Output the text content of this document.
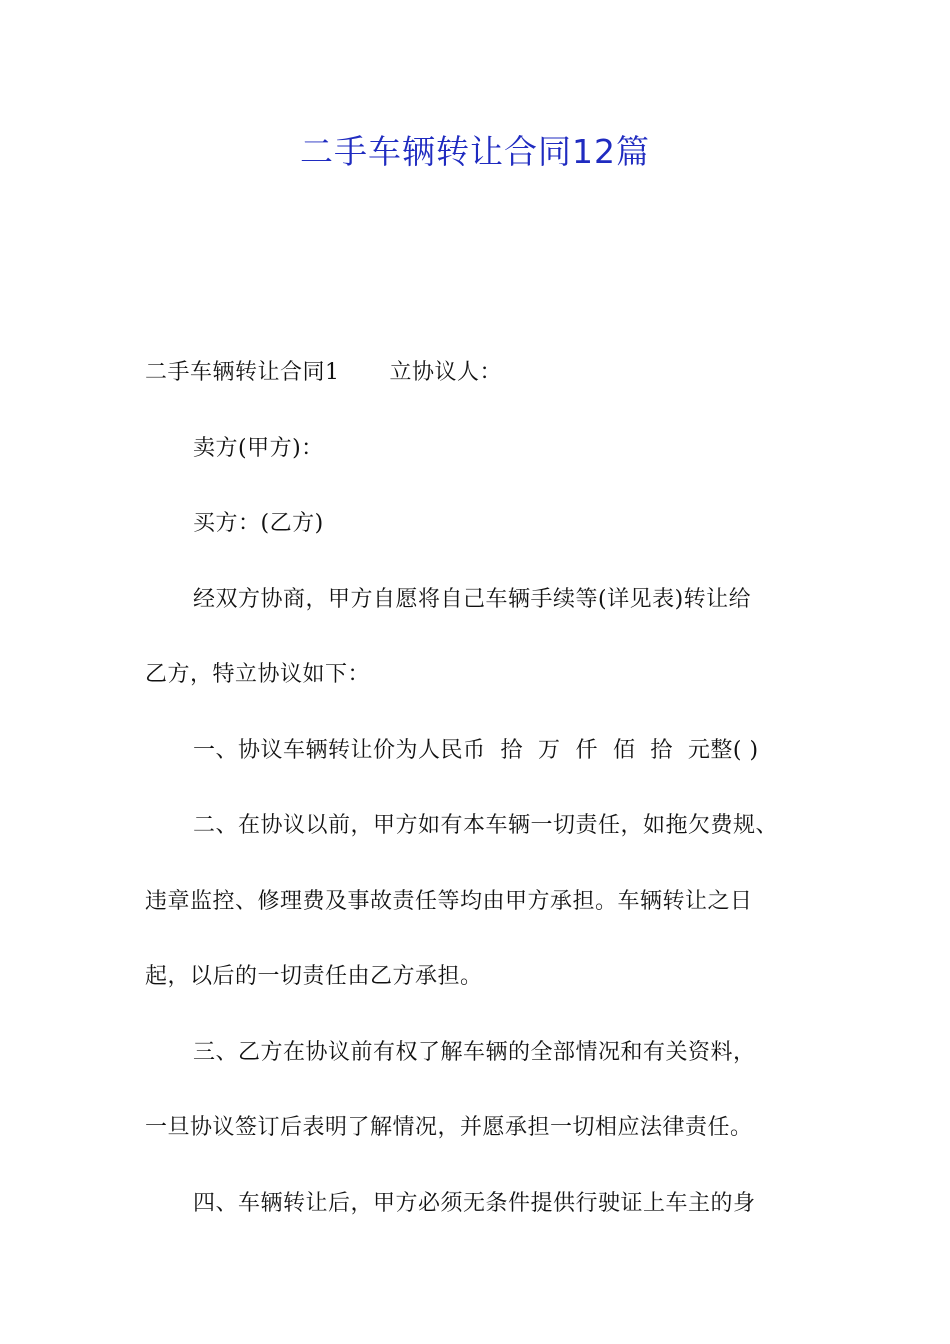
二手车辆转让合同12篇
二手车辆转让合同1 立协议人：
卖方(甲方)：
买方：(乙方)
经双方协商，甲方自愿将自己车辆手续等(详见表)转让给
乙方，特立协议如下：
一、协议车辆转让价为人民币  拾  万  仟  佰  拾  元整( )
二、在协议以前，甲方如有本车辆一切责任，如拖欠费规、
违章监控、修理费及事故责任等均由甲方承担。车辆转让之日
起，以后的一切责任由乙方承担。
三、乙方在协议前有权了解车辆的全部情况和有关资料，
一旦协议签订后表明了解情况，并愿承担一切相应法律责任。
四、车辆转让后，甲方必须无条件提供行驶证上车主的身
